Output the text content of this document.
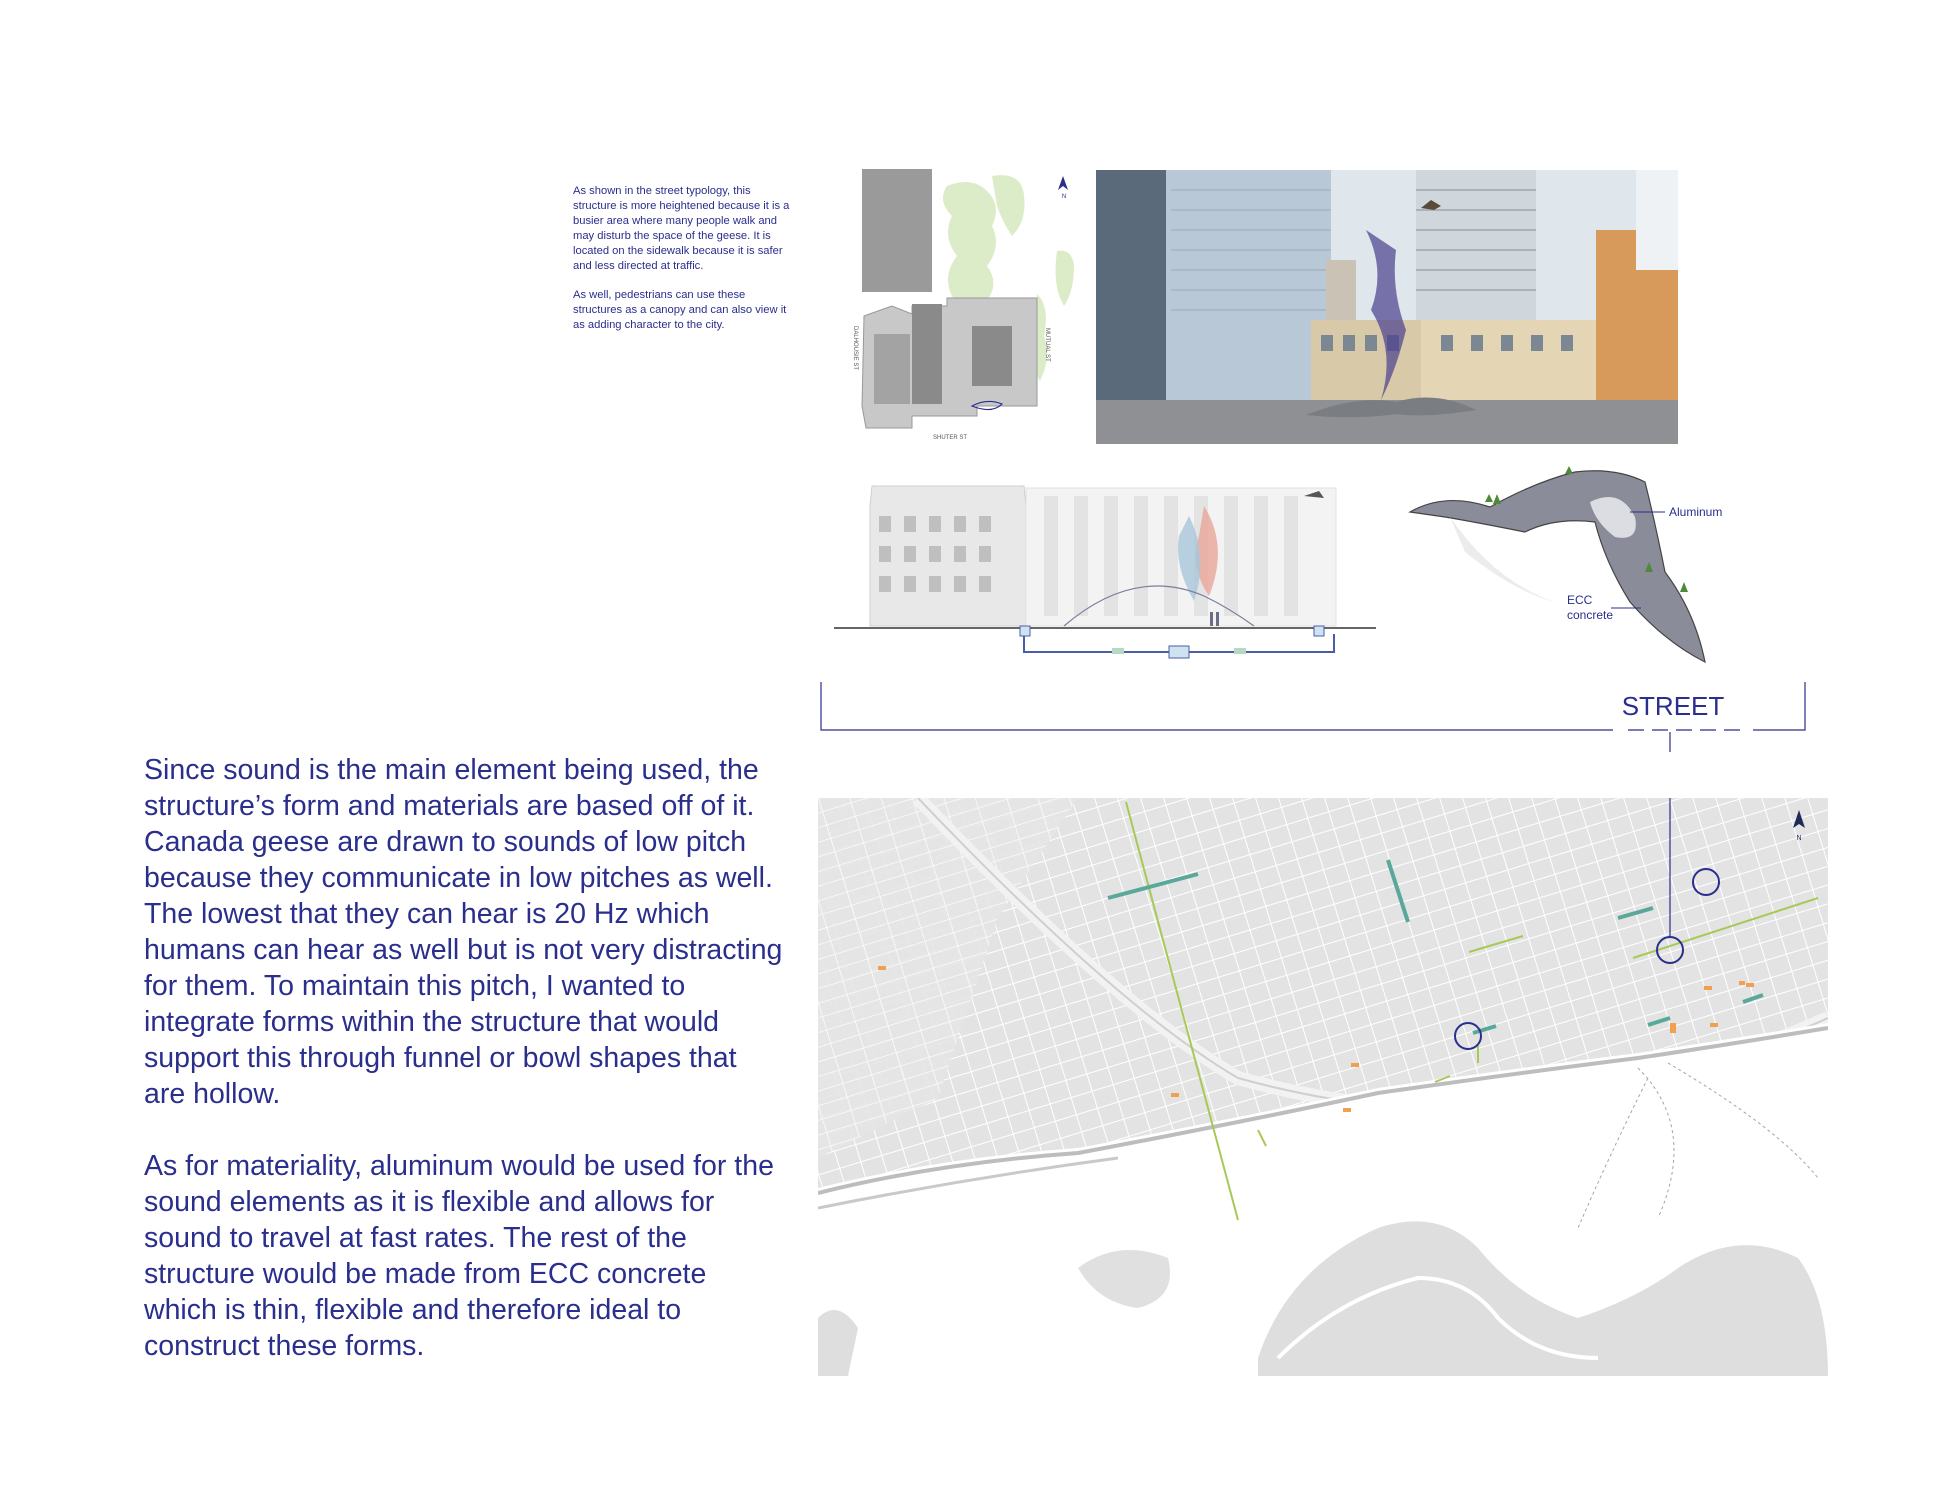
As shown in the street typology, this structure is more heightened because it is a busier area where many people walk and may disturb the space of the geese. It is located on the sidewalk because it is safer and less directed at traffic.

As well, pedestrians can use these structures as a canopy and can also view it as adding character to the city.

N
DALHOUSIE ST	MUTUAL ST
SHUTER ST
Aluminum
ECC
concrete
STREET
N

Since sound is the main element being used, the structure’s form and materials are based off of it. Canada geese are drawn to sounds of low pitch because they communicate in low pitches as well. The lowest that they can hear is 20 Hz which humans can hear as well but is not very distracting for them. To maintain this pitch, I wanted to integrate forms within the structure that would support this through funnel or bowl shapes that are hollow.

As for materiality, aluminum would be used for the sound elements as it is flexible and allows for sound to travel at fast rates. The rest of the structure would be made from ECC concrete which is thin, flexible and therefore ideal to construct these forms.
